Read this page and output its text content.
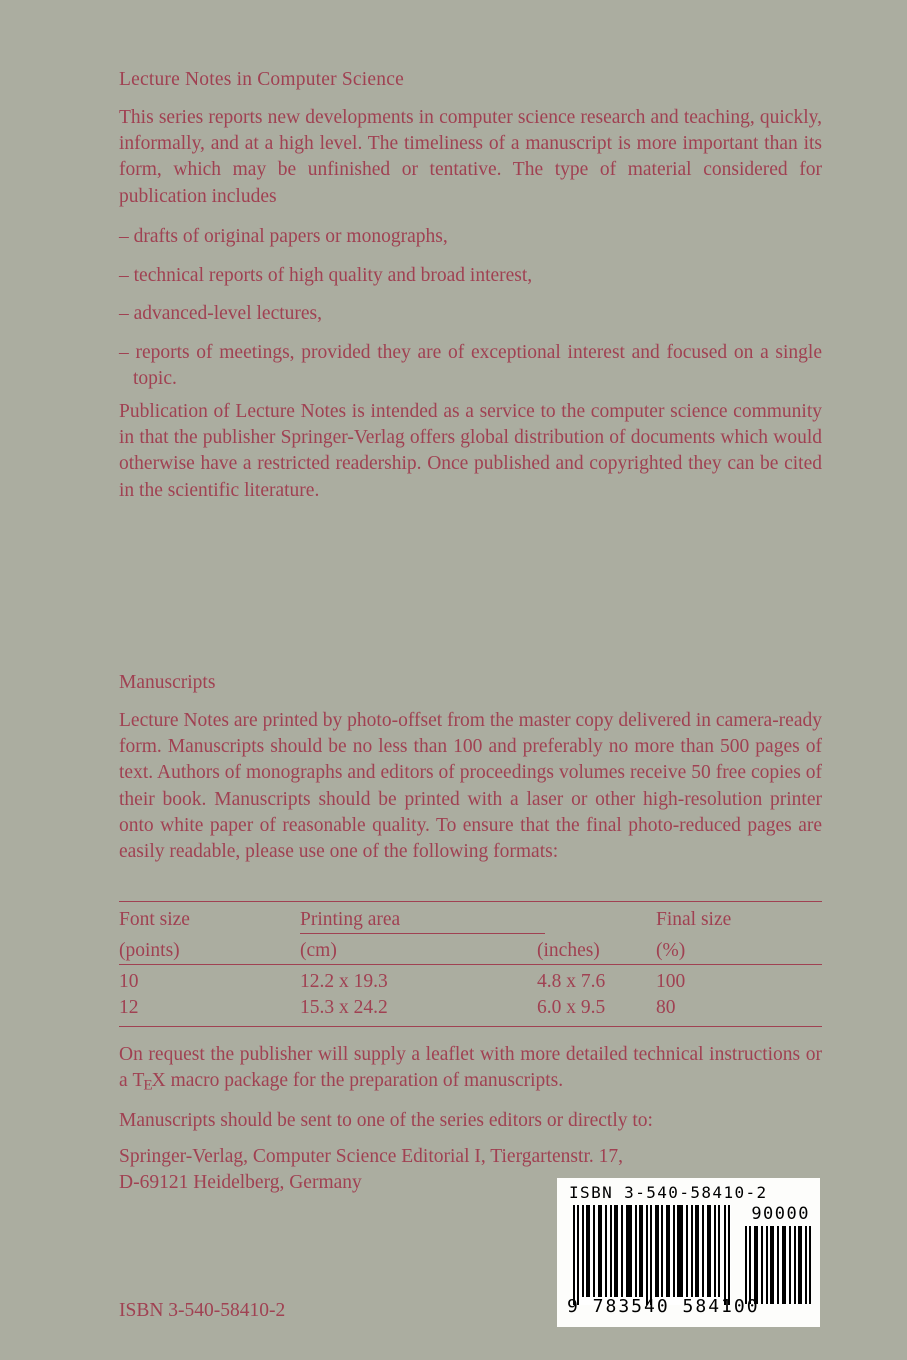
Lecture Notes in Computer Science
This series reports new developments in computer science research and teaching, quickly, informally, and at a high level. The timeliness of a manuscript is more important than its form, which may be unfinished or tentative. The type of material considered for publication includes
– drafts of original papers or monographs,
– technical reports of high quality and broad interest,
– advanced-level lectures,
– reports of meetings, provided they are of exceptional interest and focused on a single topic.
Publication of Lecture Notes is intended as a service to the computer science community in that the publisher Springer-Verlag offers global distribution of documents which would otherwise have a restricted readership. Once published and copyrighted they can be cited in the scientific literature.
Manuscripts
Lecture Notes are printed by photo-offset from the master copy delivered in camera-ready form. Manuscripts should be no less than 100 and preferably no more than 500 pages of text. Authors of monographs and editors of proceedings volumes receive 50 free copies of their book. Manuscripts should be printed with a laser or other high-resolution printer onto white paper of reasonable quality. To ensure that the final photo-reduced pages are easily readable, please use one of the following formats:
Font size	Printing area	Final size
(points)	(cm)	(inches)	(%)
10	12.2 x 19.3	4.8 x 7.6	100
12	15.3 x 24.2	6.0 x 9.5	80
On request the publisher will supply a leaflet with more detailed technical instructions or a TEX macro package for the preparation of manuscripts.
Manuscripts should be sent to one of the series editors or directly to:
Springer-Verlag, Computer Science Editorial I, Tiergartenstr. 17,
D-69121 Heidelberg, Germany
ISBN 3-540-58410-2
ISBN 3-540-58410-2
90000
9 783540 584100
